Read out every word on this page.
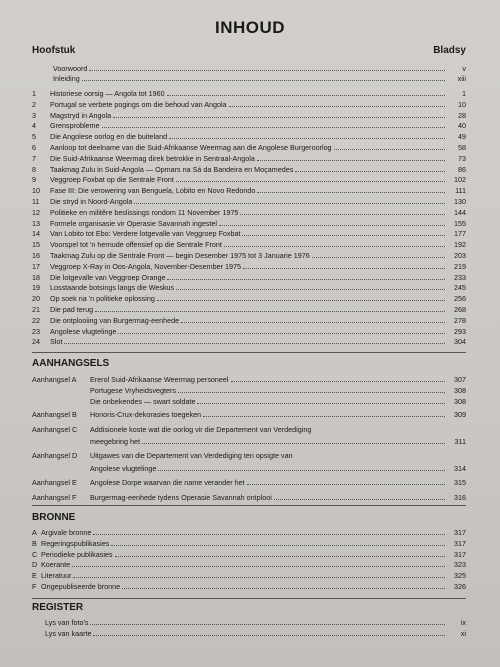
INHOUD
Hoofstuk	Bladsy
Voorwoord	v
Inleiding	xiii
1	Historiese oorsig — Angola tot 1960	1
2	Portugal se verbete pogings om die behoud van Angola	10
3	Magstryd in Angola	28
4	Grensprobleme	40
5	Die Angolese oorlog en die buiteland	49
6	Aanloop tot deelname van die Suid-Afrikaanse Weermag aan die Angolese Burgeroorlog	58
7	Die Suid-Afrikaanse Weermag direk betrokke in Sentraal-Angola	73
8	Taakmag Zulu in Suid-Angola — Opmars na Sá da Bandeira en Moçamedes	86
9	Veggroep Foxbat op die Sentrale Front	102
10	Fase III: Die verowering van Benguela, Lobito en Novo Redondo	111
11	Die stryd in Noord-Angola	130
12	Politieke en militêre beslissings rondom 11 November 1975	144
13	Formele organisasie vir Operasie Savannah ingestel	155
14	Van Lobito tot Ebo: Verdere lotgevalle van Veggroep Foxbat	177
15	Voorspel tot 'n hernude offensief op die Sentrale Front	192
16	Taakmag Zulu op die Sentrale Front — begin Desember 1975 tot 3 Januarie 1976	203
17	Veggroep X-Ray in Oos-Angola, November-Desember 1975	219
18	Die lotgevalle van Veggroep Orange	233
19	Losstaande botsings langs die Weskus	245
20	Op soek na 'n politieke oplossing	256
21	Die pad terug	268
22	Die ontplooiing van Burgermag-eenhede	278
23	Angolese vlugtelinge	293
24	Slot	304
AANHANGSELS
Aanhangsel A Ererol Suid-Afrikaanse Weermag personeel	307
Portugese Vryheidsvegters	308
Die onbekendes — swart soldate	308
Aanhangsel B Honoris-Crux-dekorasies toegeken	309
Aanhangsel C Addisionele koste wat die oorlog vir die Departement van Verdediging
meegebring het	311
Aanhangsel D Uitgawes van die Departement van Verdediging ten opsigte van
Angolese vlugtelinge	314
Aanhangsel E Angolese Dorpe waarvan die name verander het	315
Aanhangsel F Burgermag-eenhede tydens Operasie Savannah ontplooi	316
BRONNE
A Argivale bronne	317
B Regeringspublikasies	317
C Periodieke publikasies	317
D Koerante	323
E Literatuur	325
F Ongepubliseerde bronne	326
REGISTER
Lys van foto's	ix
Lys van kaarte	xi
